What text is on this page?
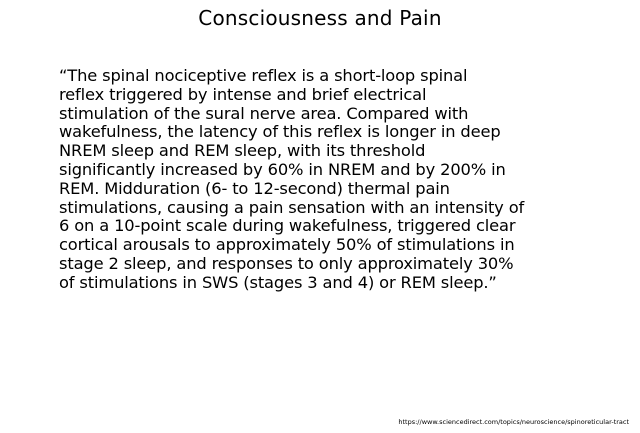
Consciousness and Pain

“The spinal nociceptive reflex is a short-loop spinal
reflex triggered by intense and brief electrical
stimulation of the sural nerve area. Compared with
wakefulness, the latency of this reflex is longer in deep
NREM sleep and REM sleep, with its threshold
significantly increased by 60% in NREM and by 200% in
REM. Midduration (6- to 12-second) thermal pain
stimulations, causing a pain sensation with an intensity of
6 on a 10-point scale during wakefulness, triggered clear
cortical arousals to approximately 50% of stimulations in
stage 2 sleep, and responses to only approximately 30%
of stimulations in SWS (stages 3 and 4) or REM sleep.”

https://www.sciencedirect.com/topics/neuroscience/spinoreticular-tract
